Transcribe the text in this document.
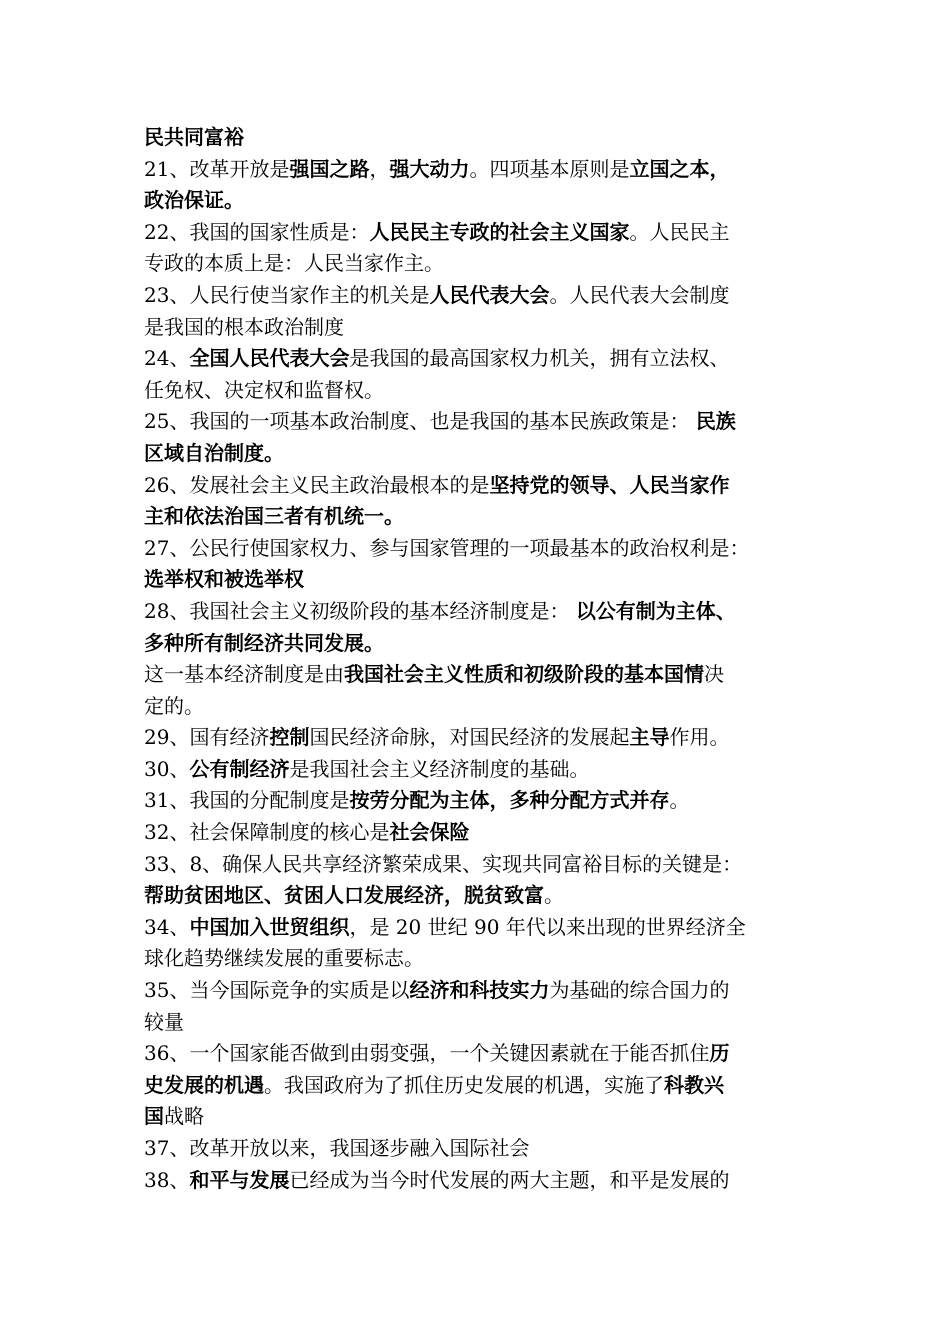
民共同富裕
21、改革开放是强国之路，强大动力。四项基本原则是立国之本，
政治保证。
22、我国的国家性质是：人民民主专政的社会主义国家。人民民主
专政的本质上是：人民当家作主。
23、人民行使当家作主的机关是人民代表大会。人民代表大会制度
是我国的根本政治制度
24、全国人民代表大会是我国的最高国家权力机关，拥有立法权、
任免权、决定权和监督权。
25、我国的一项基本政治制度、也是我国的基本民族政策是： 民族
区域自治制度。
26、发展社会主义民主政治最根本的是坚持党的领导、人民当家作
主和依法治国三者有机统一。
27、公民行使国家权力、参与国家管理的一项最基本的政治权利是：
选举权和被选举权
28、我国社会主义初级阶段的基本经济制度是： 以公有制为主体、
多种所有制经济共同发展。
这一基本经济制度是由我国社会主义性质和初级阶段的基本国情决
定的。
29、国有经济控制国民经济命脉，对国民经济的发展起主导作用。
30、公有制经济是我国社会主义经济制度的基础。
31、我国的分配制度是按劳分配为主体，多种分配方式并存。
32、社会保障制度的核心是社会保险
33、8、确保人民共享经济繁荣成果、实现共同富裕目标的关键是：
帮助贫困地区、贫困人口发展经济，脱贫致富。
34、中国加入世贸组织，是 20 世纪 90 年代以来出现的世界经济全
球化趋势继续发展的重要标志。
35、当今国际竞争的实质是以经济和科技实力为基础的综合国力的
较量
36、一个国家能否做到由弱变强，一个关键因素就在于能否抓住历
史发展的机遇。我国政府为了抓住历史发展的机遇，实施了科教兴
国战略
37、改革开放以来，我国逐步融入国际社会
38、和平与发展已经成为当今时代发展的两大主题，和平是发展的
